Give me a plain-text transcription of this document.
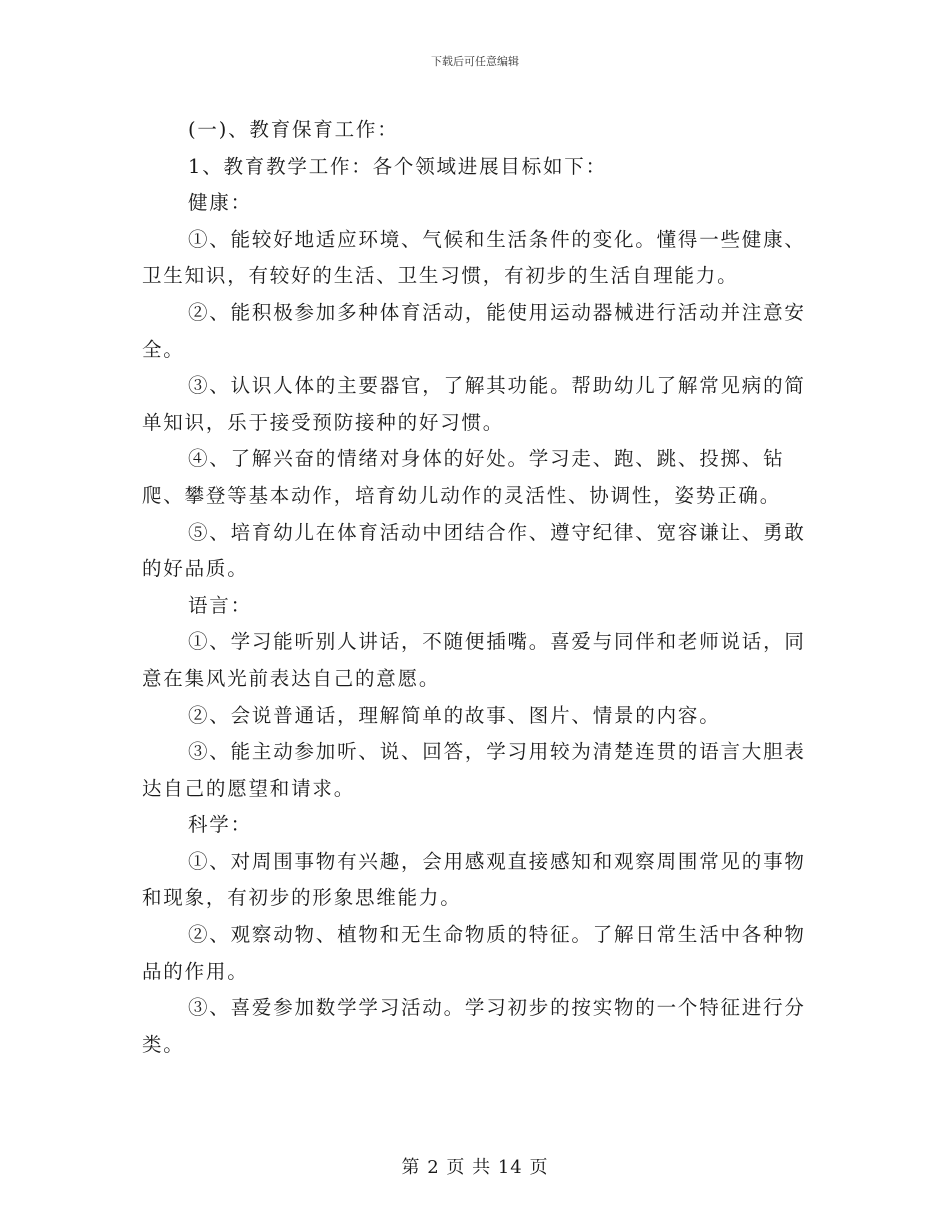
下载后可任意编辑

(一)、教育保育工作：

1、教育教学工作：各个领域进展目标如下：

健康：

①、能较好地适应环境、气候和生活条件的变化。懂得一些健康、卫生知识，有较好的生活、卫生习惯，有初步的生活自理能力。

②、能积极参加多种体育活动，能使用运动器械进行活动并注意安全。

③、认识人体的主要器官，了解其功能。帮助幼儿了解常见病的简单知识，乐于接受预防接种的好习惯。

④、了解兴奋的情绪对身体的好处。学习走、跑、跳、投掷、钻爬、攀登等基本动作，培育幼儿动作的灵活性、协调性，姿势正确。

⑤、培育幼儿在体育活动中团结合作、遵守纪律、宽容谦让、勇敢的好品质。

语言：

①、学习能听别人讲话，不随便插嘴。喜爱与同伴和老师说话，同意在集风光前表达自己的意愿。

②、会说普通话，理解简单的故事、图片、情景的内容。

③、能主动参加听、说、回答，学习用较为清楚连贯的语言大胆表达自己的愿望和请求。

科学：

①、对周围事物有兴趣，会用感观直接感知和观察周围常见的事物和现象，有初步的形象思维能力。

②、观察动物、植物和无生命物质的特征。了解日常生活中各种物品的作用。

③、喜爱参加数学学习活动。学习初步的按实物的一个特征进行分类。

第 2 页 共 14 页
